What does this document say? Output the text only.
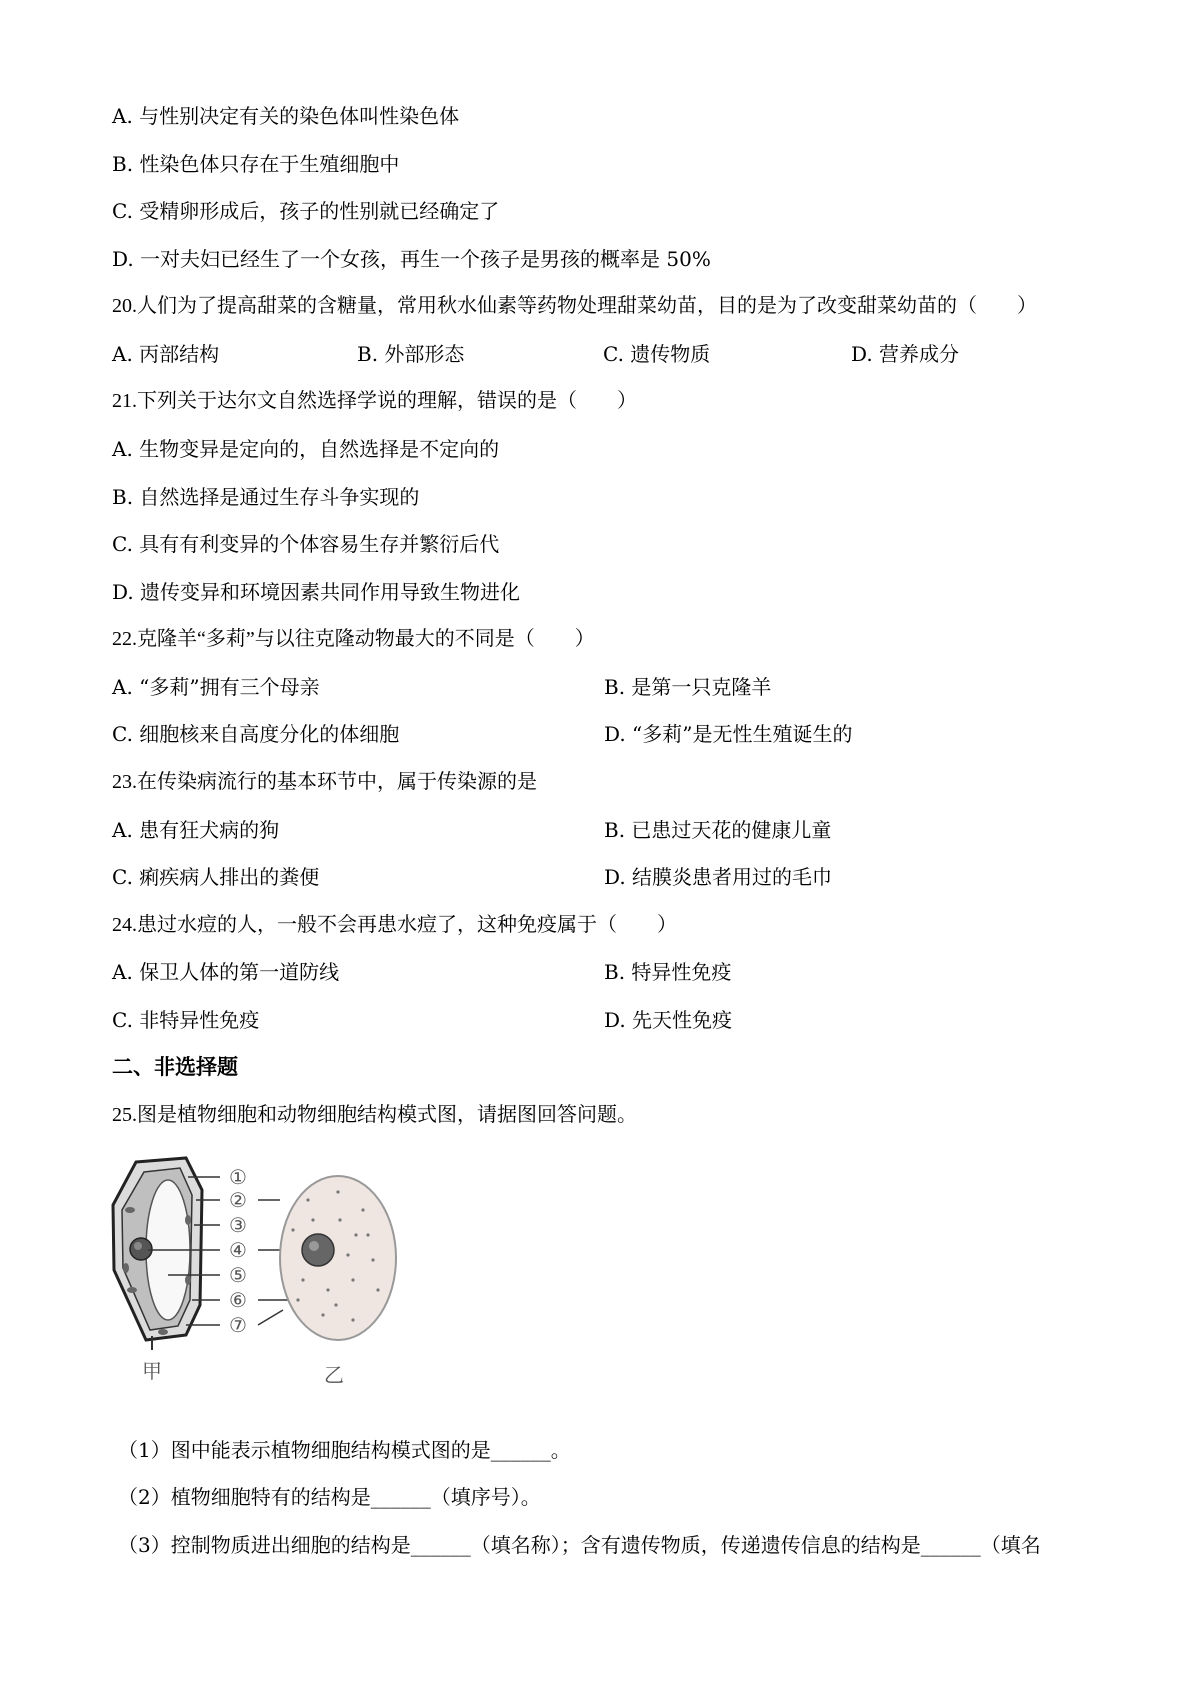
A. 与性别决定有关的染色体叫性染色体
B. 性染色体只存在于生殖细胞中
C. 受精卵形成后，孩子的性别就已经确定了
D. 一对夫妇已经生了一个女孩，再生一个孩子是男孩的概率是 50%
20.人们为了提高甜菜的含糖量，常用秋水仙素等药物处理甜菜幼苗，目的是为了改变甜菜幼苗的（　　）
A. 丙部结构	B. 外部形态	C. 遗传物质	D. 营养成分
21.下列关于达尔文自然选择学说的理解，错误的是（　　）
A. 生物变异是定向的，自然选择是不定向的
B. 自然选择是通过生存斗争实现的
C. 具有有利变异的个体容易生存并繁衍后代
D. 遗传变异和环境因素共同作用导致生物进化
22.克隆羊“多莉”与以往克隆动物最大的不同是（　　）
A. “多莉”拥有三个母亲	B. 是第一只克隆羊
C. 细胞核来自高度分化的体细胞	D. “多莉”是无性生殖诞生的
23.在传染病流行的基本环节中，属于传染源的是
A. 患有狂犬病的狗	B. 已患过天花的健康儿童
C. 痢疾病人排出的粪便	D. 结膜炎患者用过的毛巾
24.患过水痘的人，一般不会再患水痘了，这种免疫属于（　　）
A. 保卫人体的第一道防线	B. 特异性免疫
C. 非特异性免疫	D. 先天性免疫
二、非选择题
25.图是植物细胞和动物细胞结构模式图，请据图回答问题。
①
②
③
④
⑤
⑥
⑦
甲	乙
（1）图中能表示植物细胞结构模式图的是______。
（2）植物细胞特有的结构是______（填序号）。
（3）控制物质进出细胞的结构是______（填名称）；含有遗传物质，传递遗传信息的结构是______（填名
